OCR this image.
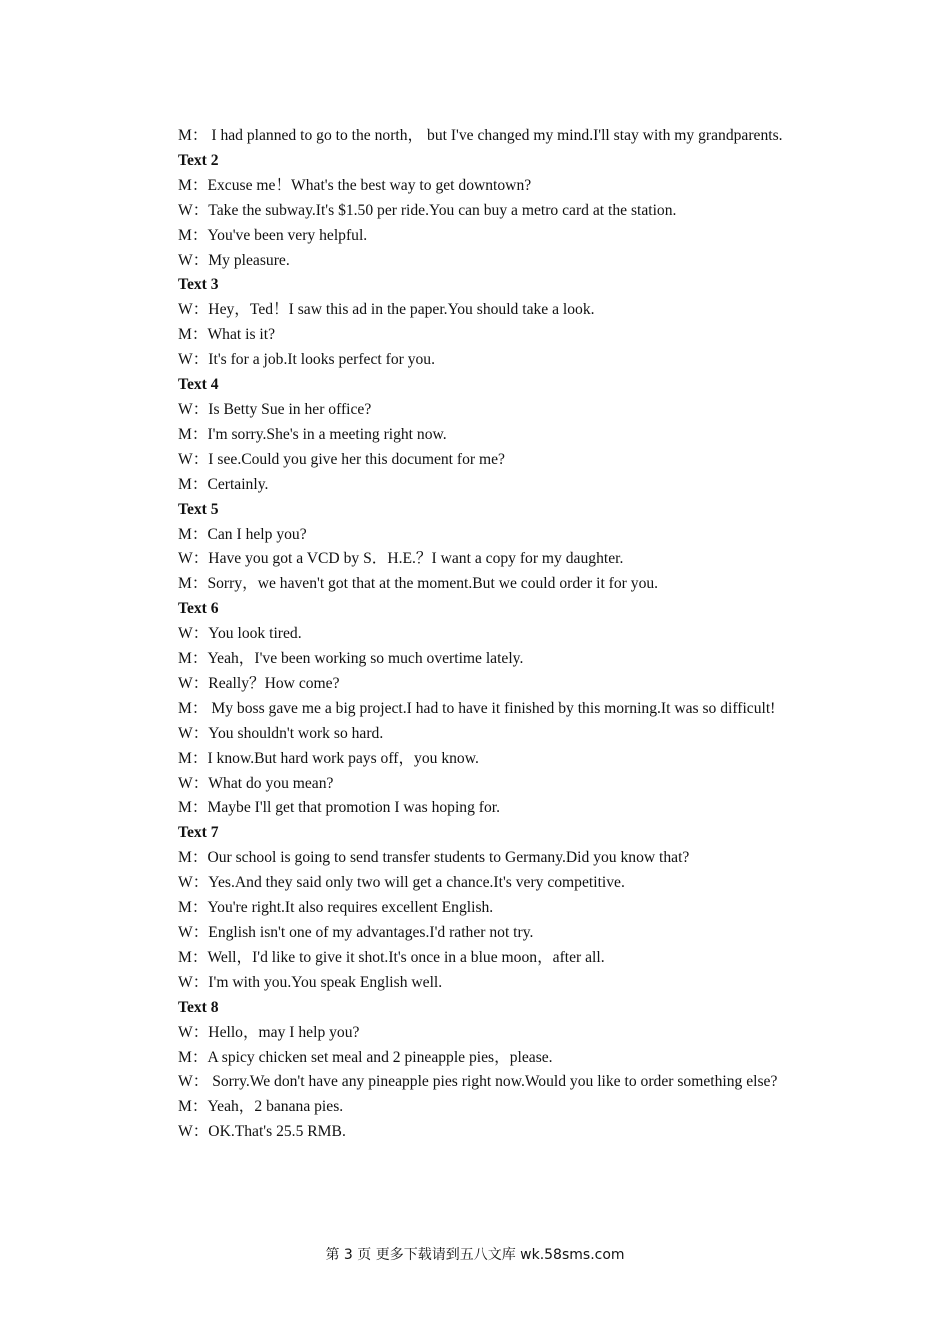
M： I had planned to go to the north， but I've changed my mind.I'll stay with my grandparents.

Text 2

M：Excuse me！What's the best way to get downtown?

W：Take the subway.It's $1.50 per ride.You can buy a metro card at the station.

M：You've been very helpful.

W：My pleasure.

Text 3

W：Hey，Ted！I saw this ad in the paper.You should take a look.

M：What is it?

W：It's for a job.It looks perfect for you.

Text 4

W：Is Betty Sue in her office?

M：I'm sorry.She's in a meeting right now.

W：I see.Could you give her this document for me?

M：Certainly.

Text 5

M：Can I help you?

W：Have you got a VCD by S．H.E.？I want a copy for my daughter.

M：Sorry，we haven't got that at the moment.But we could order it for you.

Text 6

W：You look tired.

M：Yeah，I've been working so much overtime lately.

W：Really？How come?

M： My boss gave me a big project.I had to have it finished by this morning.It was so difficult!

W：You shouldn't work so hard.

M：I know.But hard work pays off，you know.

W：What do you mean?

M：Maybe I'll get that promotion I was hoping for.

Text 7

M：Our school is going to send transfer students to Germany.Did you know that?

W：Yes.And they said only two will get a chance.It's very competitive.

M：You're right.It also requires excellent English.

W：English isn't one of my advantages.I'd rather not try.

M：Well，I'd like to give it shot.It's once in a blue moon，after all.

W：I'm with you.You speak English well.

Text 8

W：Hello，may I help you?

M：A spicy chicken set meal and 2 pineapple pies，please.

W： Sorry.We don't have any pineapple pies right now.Would you like to order something else?

M：Yeah，2 banana pies.

W：OK.That's 25.5 RMB.

第 3 页 更多下载请到五八文库 wk.58sms.com
